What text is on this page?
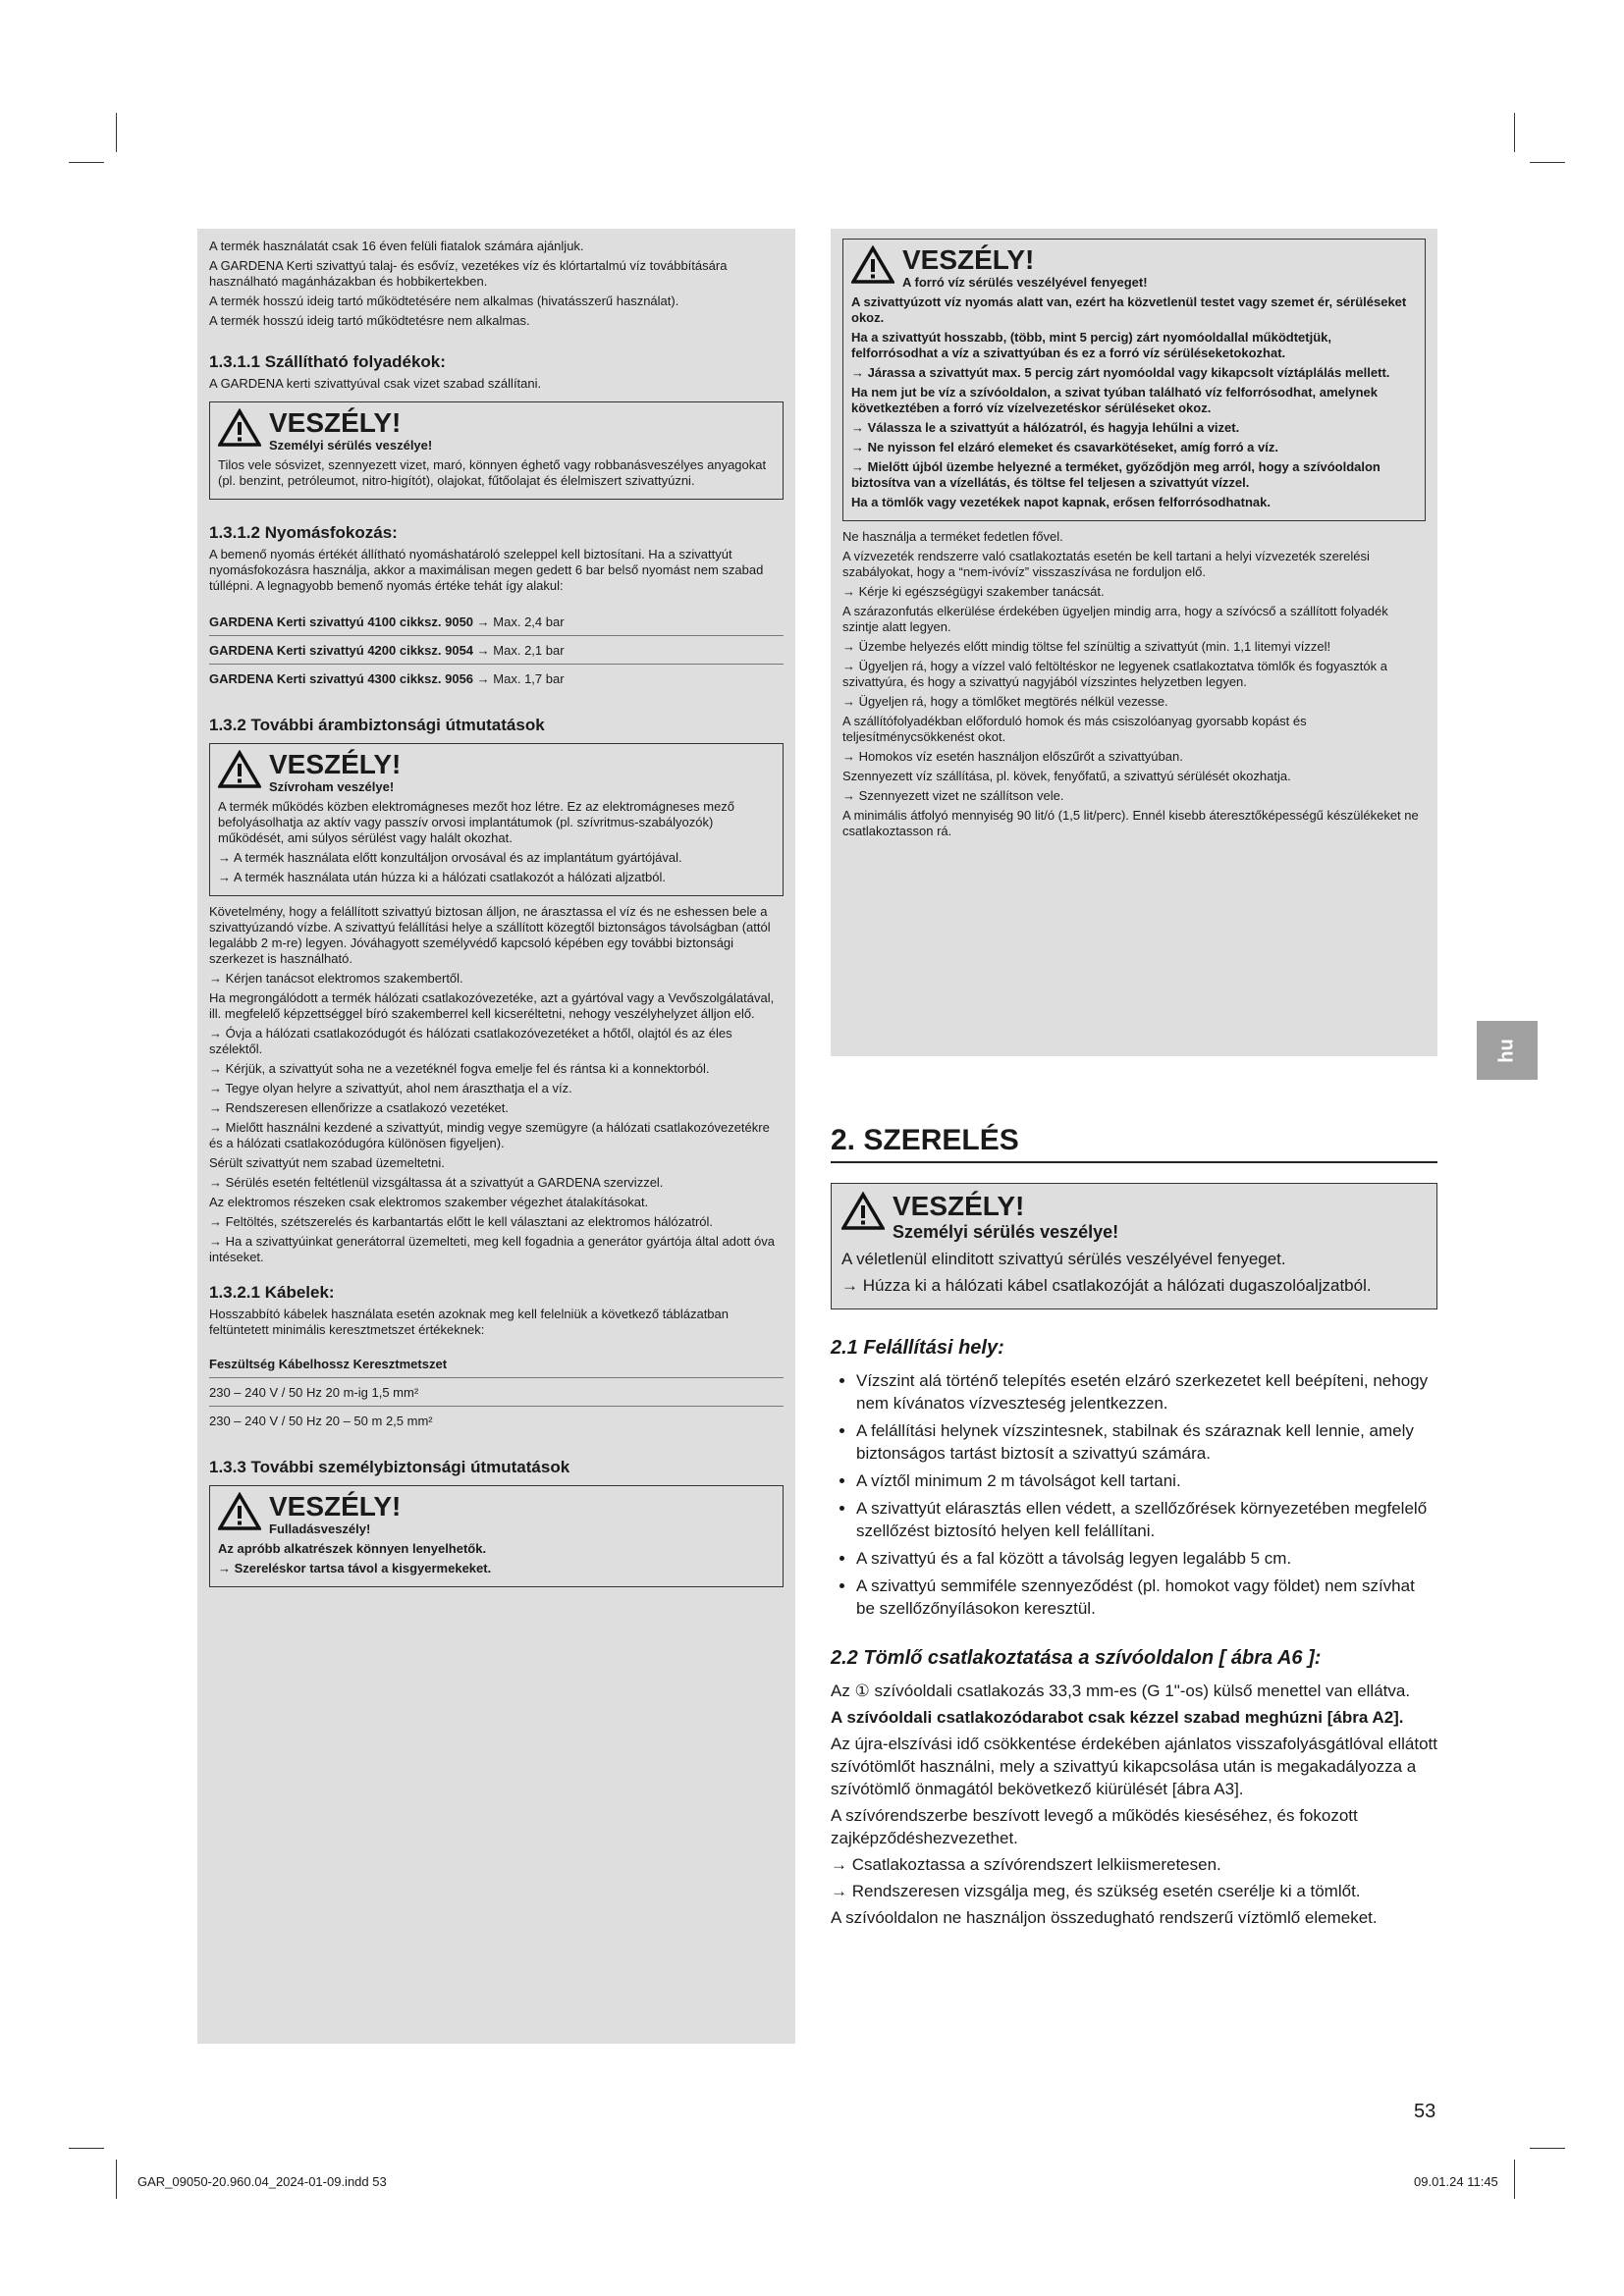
A termék használatát csak 16 éven felüli fiatalok számára ajánljuk.

A GARDENA Kerti szivattyú talaj- és esővíz, vezetékes víz és klórtartalmú víz továbbítására használható magánházakban és hobbikertekben.

A termék hosszú ideig tartó működtetésére nem alkalmas (hivatásszerű használat).

A termék hosszú ideig tartó működtetésre nem alkalmas.

1.3.1.1 Szállítható folyadékok:

A GARDENA kerti szivattyúval csak vizet szabad szállítani.

VESZÉLY!
Személyi sérülés veszélye!

Tilos vele sósvizet, szennyezett vizet, maró, könnyen éghető vagy robbanásveszélyes anyagokat (pl. benzint, petróleumot, nitro-higítót), olajokat, fűtőolajat és élelmiszert szivattyúzni.

1.3.1.2 Nyomásfokozás:

A bemenő nyomás értékét állítható nyomáshatároló szeleppel kell biztosítani. Ha a szivattyút nyomásfokozásra használja, akkor a maximálisan megen gedett 6 bar belső nyomást nem szabad túllépni. A legnagyobb bemenő nyomás értéke tehát így alakul:

GARDENA Kerti szivattyú 4100 cikksz. 9050 → Max. 2,4 bar
GARDENA Kerti szivattyú 4200 cikksz. 9054 → Max. 2,1 bar
GARDENA Kerti szivattyú 4300 cikksz. 9056 → Max. 1,7 bar
1.3.2 További árambiztonsági útmutatások
VESZÉLY!
Szívroham veszélye!

A termék működés közben elektromágneses mezőt hoz létre. Ez az elektromágneses mező befolyásolhatja az aktív vagy passzív orvosi implantátumok (pl. szívritmus-szabályozók) működését, ami súlyos sérülést vagy halált okozhat.

→ A termék használata előtt konzultáljon orvosával és az implantátum gyártójával.

→ A termék használata után húzza ki a hálózati csatlakozót a hálózati aljzatból.

Követelmény, hogy a felállított szivattyú biztosan álljon, ne árasztassa el víz és ne eshessen bele a szivattyúzandó vízbe. A szivattyú felállítási helye a szállított közegtől biztonságos távolságban (attól legalább 2 m-re) legyen. Jóváhagyott személyvédő kapcsoló képében egy további biztonsági szerkezet is használható.

→ Kérjen tanácsot elektromos szakembertől.

Ha megrongálódott a termék hálózati csatlakozóvezetéke, azt a gyártóval vagy a Vevőszolgálatával, ill. megfelelő képzettséggel bíró szakemberrel kell kicseréltetni, nehogy veszélyhelyzet álljon elő.

→ Óvja a hálózati csatlakozódugót és hálózati csatlakozóvezetéket a hőtől, olajtól és az éles szélektől.

→ Kérjük, a szivattyút soha ne a vezetéknél fogva emelje fel és rántsa ki a konnektorból.

→ Tegye olyan helyre a szivattyút, ahol nem áraszthatja el a víz.

→ Rendszeresen ellenőrizze a csatlakozó vezetéket.

→ Mielőtt használni kezdené a szivattyút, mindig vegye szemügyre (a hálózati csatlakozóvezetékre és a hálózati csatlakozódugóra különösen figyeljen).

Sérült szivattyút nem szabad üzemeltetni.

→ Sérülés esetén feltétlenül vizsgáltassa át a szivattyút a GARDENA szervizzel.

Az elektromos részeken csak elektromos szakember végezhet átalakításokat.

→ Feltöltés, szétszerelés és karbantartás előtt le kell választani az elektromos hálózatról.

→ Ha a szivattyúinkat generátorral üzemelteti, meg kell fogadnia a generátor gyártója által adott óva intéseket.

1.3.2.1 Kábelek:

Hosszabbító kábelek használata esetén azoknak meg kell felelniük a következő táblázatban feltüntetett minimális keresztmetszet értékeknek:

Feszültség Kábelhossz Keresztmetszet
230 – 240 V / 50 Hz 20 m-ig 1,5 mm²
230 – 240 V / 50 Hz 20 – 50 m 2,5 mm²
1.3.3 További személybiztonsági útmutatások
VESZÉLY!
Fulladásveszély!

Az apróbb alkatrészek könnyen lenyelhetők.

→ Szereléskor tartsa távol a kisgyermekeket.

VESZÉLY!
A forró víz sérülés veszélyével fenyeget!

A szivattyúzott víz nyomás alatt van, ezért ha közvetlenül testet vagy szemet ér, sérüléseket okoz.

Ha a szivattyút hosszabb, (több, mint 5 percig) zárt nyomóoldallal működtetjük, felforrósodhat a víz a szivattyúban és ez a forró víz sérüléseketokozhat.

→ Járassa a szivattyút max. 5 percig zárt nyomóoldal vagy kikapcsolt víztáplálás mellett.

Ha nem jut be víz a szívóoldalon, a szivat tyúban található víz felforrósodhat, amelynek következtében a forró víz vízelvezetéskor sérüléseket okoz.

→ Válassza le a szivattyút a hálózatról, és hagyja lehűlni a vizet.

→ Ne nyisson fel elzáró elemeket és csavarkötéseket, amíg forró a víz.

→ Mielőtt újból üzembe helyezné a terméket, győződjön meg arról, hogy a szívóoldalon biztosítva van a vízellátás, és töltse fel teljesen a szivattyút vízzel.

Ha a tömlők vagy vezetékek napot kapnak, erősen felforrósodhatnak.

Ne használja a terméket fedetlen fővel.

A vízvezeték rendszerre való csatlakoztatás esetén be kell tartani a helyi vízvezeték szerelési szabályokat, hogy a “nem-ivóvíz” visszaszívása ne forduljon elő.

→ Kérje ki egészségügyi szakember tanácsát.

A szárazonfutás elkerülése érdekében ügyeljen mindig arra, hogy a szívócső a szállított folyadék szintje alatt legyen.

→ Üzembe helyezés előtt mindig töltse fel színültig a szivattyút (min. 1,1 litemyi vízzel!

→ Ügyeljen rá, hogy a vízzel való feltöltéskor ne legyenek csatlakoztatva tömlők és fogyasztók a szivattyúra, és hogy a szivattyú nagyjából vízszintes helyzetben legyen.

→ Ügyeljen rá, hogy a tömlőket megtörés nélkül vezesse.

A szállítófolyadékban előforduló homok és más csiszolóanyag gyorsabb kopást és teljesítménycsökkenést okot.

→ Homokos víz esetén használjon előszűrőt a szivattyúban.

Szennyezett víz szállítása, pl. kövek, fenyőfatű, a szivattyú sérülését okozhatja.

→ Szennyezett vizet ne szállítson vele.

A minimális átfolyó mennyiség 90 lit/ó (1,5 lit/perc). Ennél kisebb áteresztőképességű készülékeket ne csatlakoztasson rá.

2. SZERELÉS
VESZÉLY!
Személyi sérülés veszélye!

A véletlenül elinditott szivattyú sérülés veszélyével fenyeget.

→ Húzza ki a hálózati kábel csatlakozóját a hálózati dugaszolóaljzatból.

2.1 Felállítási hely:
• Vízszint alá történő telepítés esetén elzáró szerkezetet kell beépíteni, nehogy nem kívánatos vízveszteség jelentkezzen.
• A felállítási helynek vízszintesnek, stabilnak és száraznak kell lennie, amely biztonságos tartást biztosít a szivattyú számára.
• A víztől minimum 2 m távolságot kell tartani.
• A szivattyút elárasztás ellen védett, a szellőzőrések környezetében megfelelő szellőzést biztosító helyen kell felállítani.
• A szivattyú és a fal között a távolság legyen legalább 5 cm.
• A szivattyú semmiféle szennyeződést (pl. homokot vagy földet) nem szívhat be szellőzőnyílásokon keresztül.
2.2 Tömlő csatlakoztatása a szívóoldalon [ ábra A6 ]:

Az ① szívóoldali csatlakozás 33,3 mm-es (G 1"-os) külső menettel van ellátva.

A szívóoldali csatlakozódarabot csak kézzel szabad meghúzni [ábra A2].

Az újra-elszívási idő csökkentése érdekében ajánlatos visszafolyásgátlóval ellátott szívótömlőt használni, mely a szivattyú kikapcsolása után is megakadályozza a szívótömlő önmagától bekövetkező kiürülését [ábra A3].

A szívórendszerbe beszívott levegő a működés kieséséhez, és fokozott zajképződéshezvezethet.

→ Csatlakoztassa a szívórendszert lelkiismeretesen.

→ Rendszeresen vizsgálja meg, és szükség esetén cserélje ki a tömlőt.

A szívóoldalon ne használjon összedugható rendszerű víztömlő elemeket.

hu
53
GAR_09050-20.960.04_2024-01-09.indd 53	09.01.24 11:45
